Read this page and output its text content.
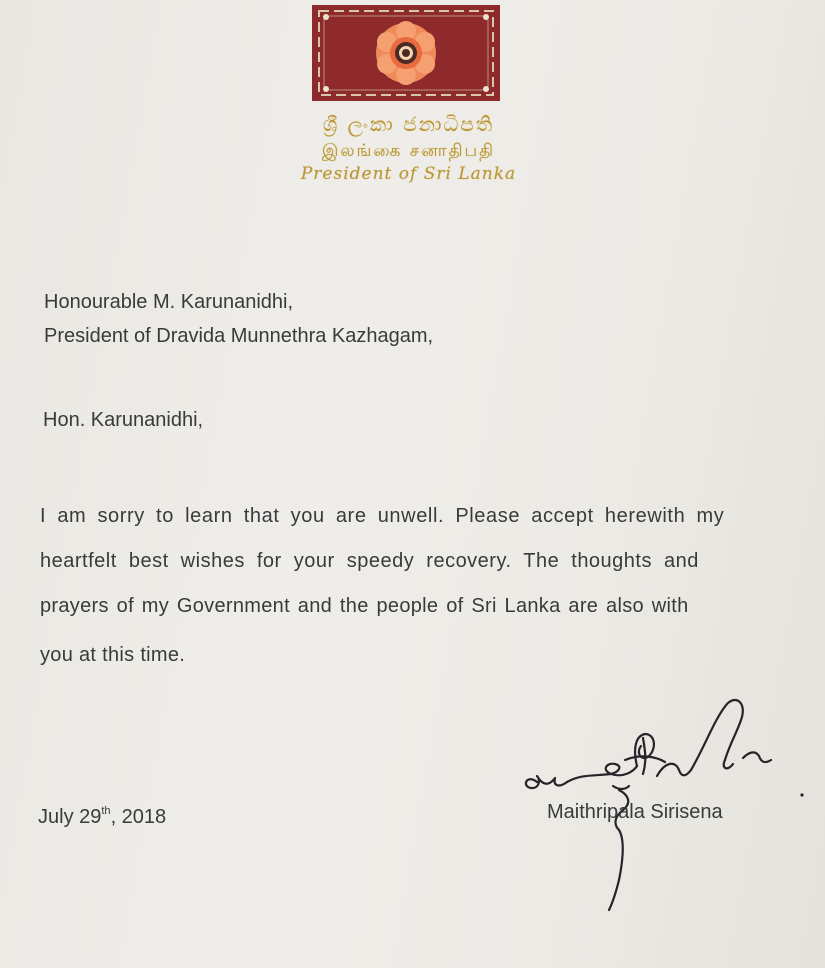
ශ්‍රී ලංකා ජනාධිපති
இலங்கை சனாதிபதி
President of Sri Lanka
Honourable M. Karunanidhi,
President of Dravida Munnethra Kazhagam,
Hon. Karunanidhi,
I am sorry to learn that you are unwell. Please accept herewith my
heartfelt best wishes for your speedy recovery. The thoughts and
prayers of my Government and the people of Sri Lanka are also with
you at this time.
July 29th, 2018	Maithripala Sirisena
